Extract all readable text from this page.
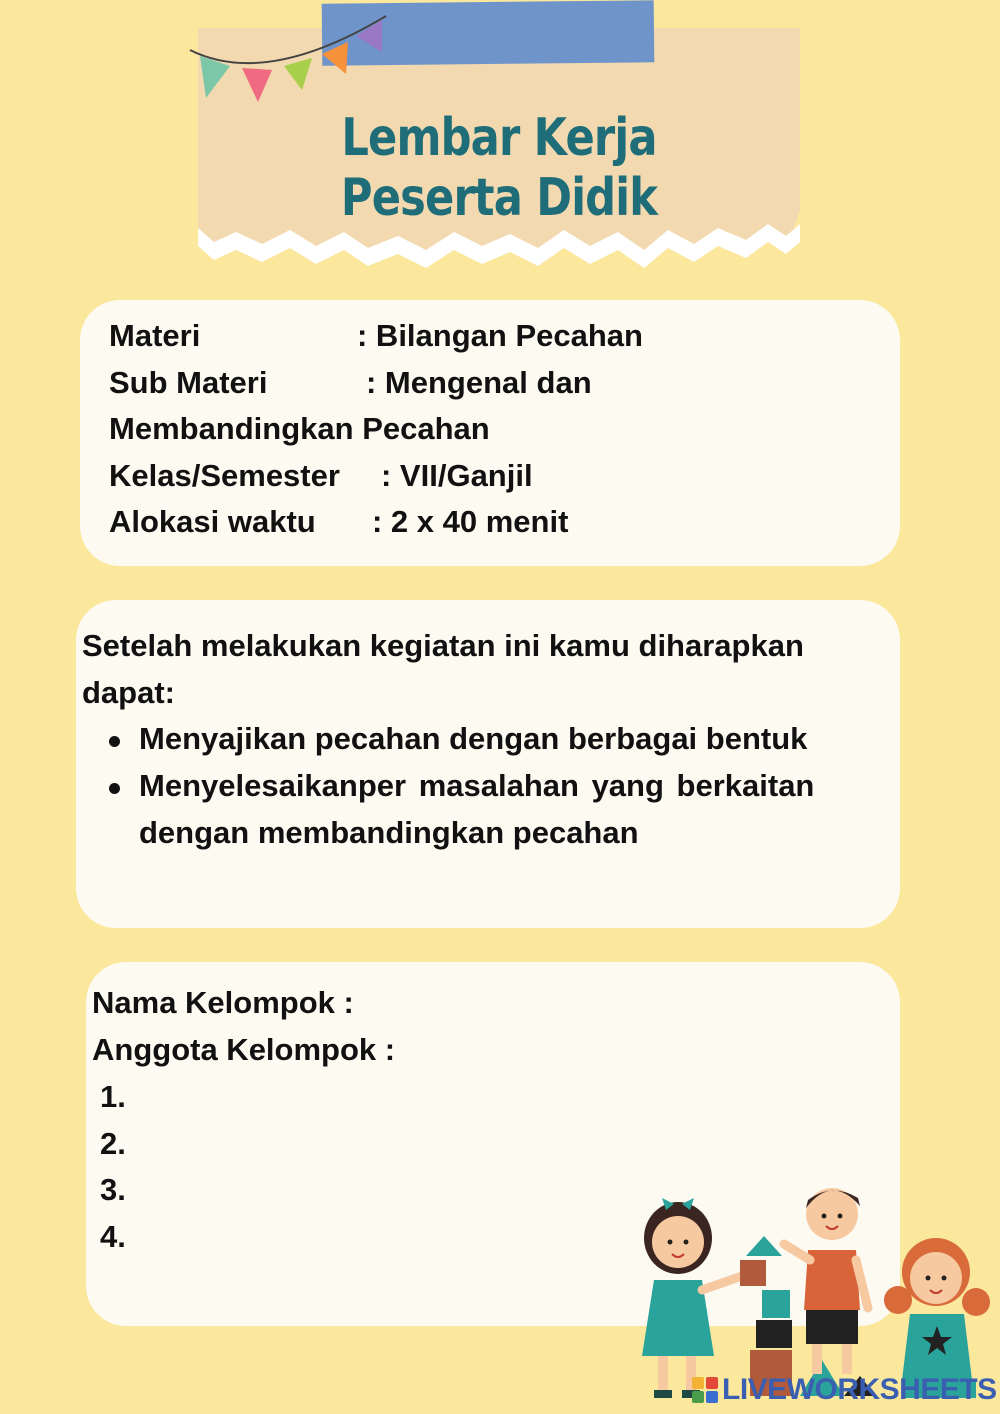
Lembar Kerja Peserta Didik
Materi	: Bilangan Pecahan
Sub Materi	: Mengenal dan
Membandingkan Pecahan
Kelas/Semester : VII/Ganjil
Alokasi waktu : 2 x 40 menit
Setelah melakukan kegiatan ini kamu diharapkan
dapat:
Menyajikan pecahan dengan berbagai bentuk
Menyelesaikanper masalahan yang berkaitan
dengan membandingkan pecahan
Nama Kelompok :
Anggota Kelompok :
1.
2.
3.
4.
LIVEWORKSHEETS
